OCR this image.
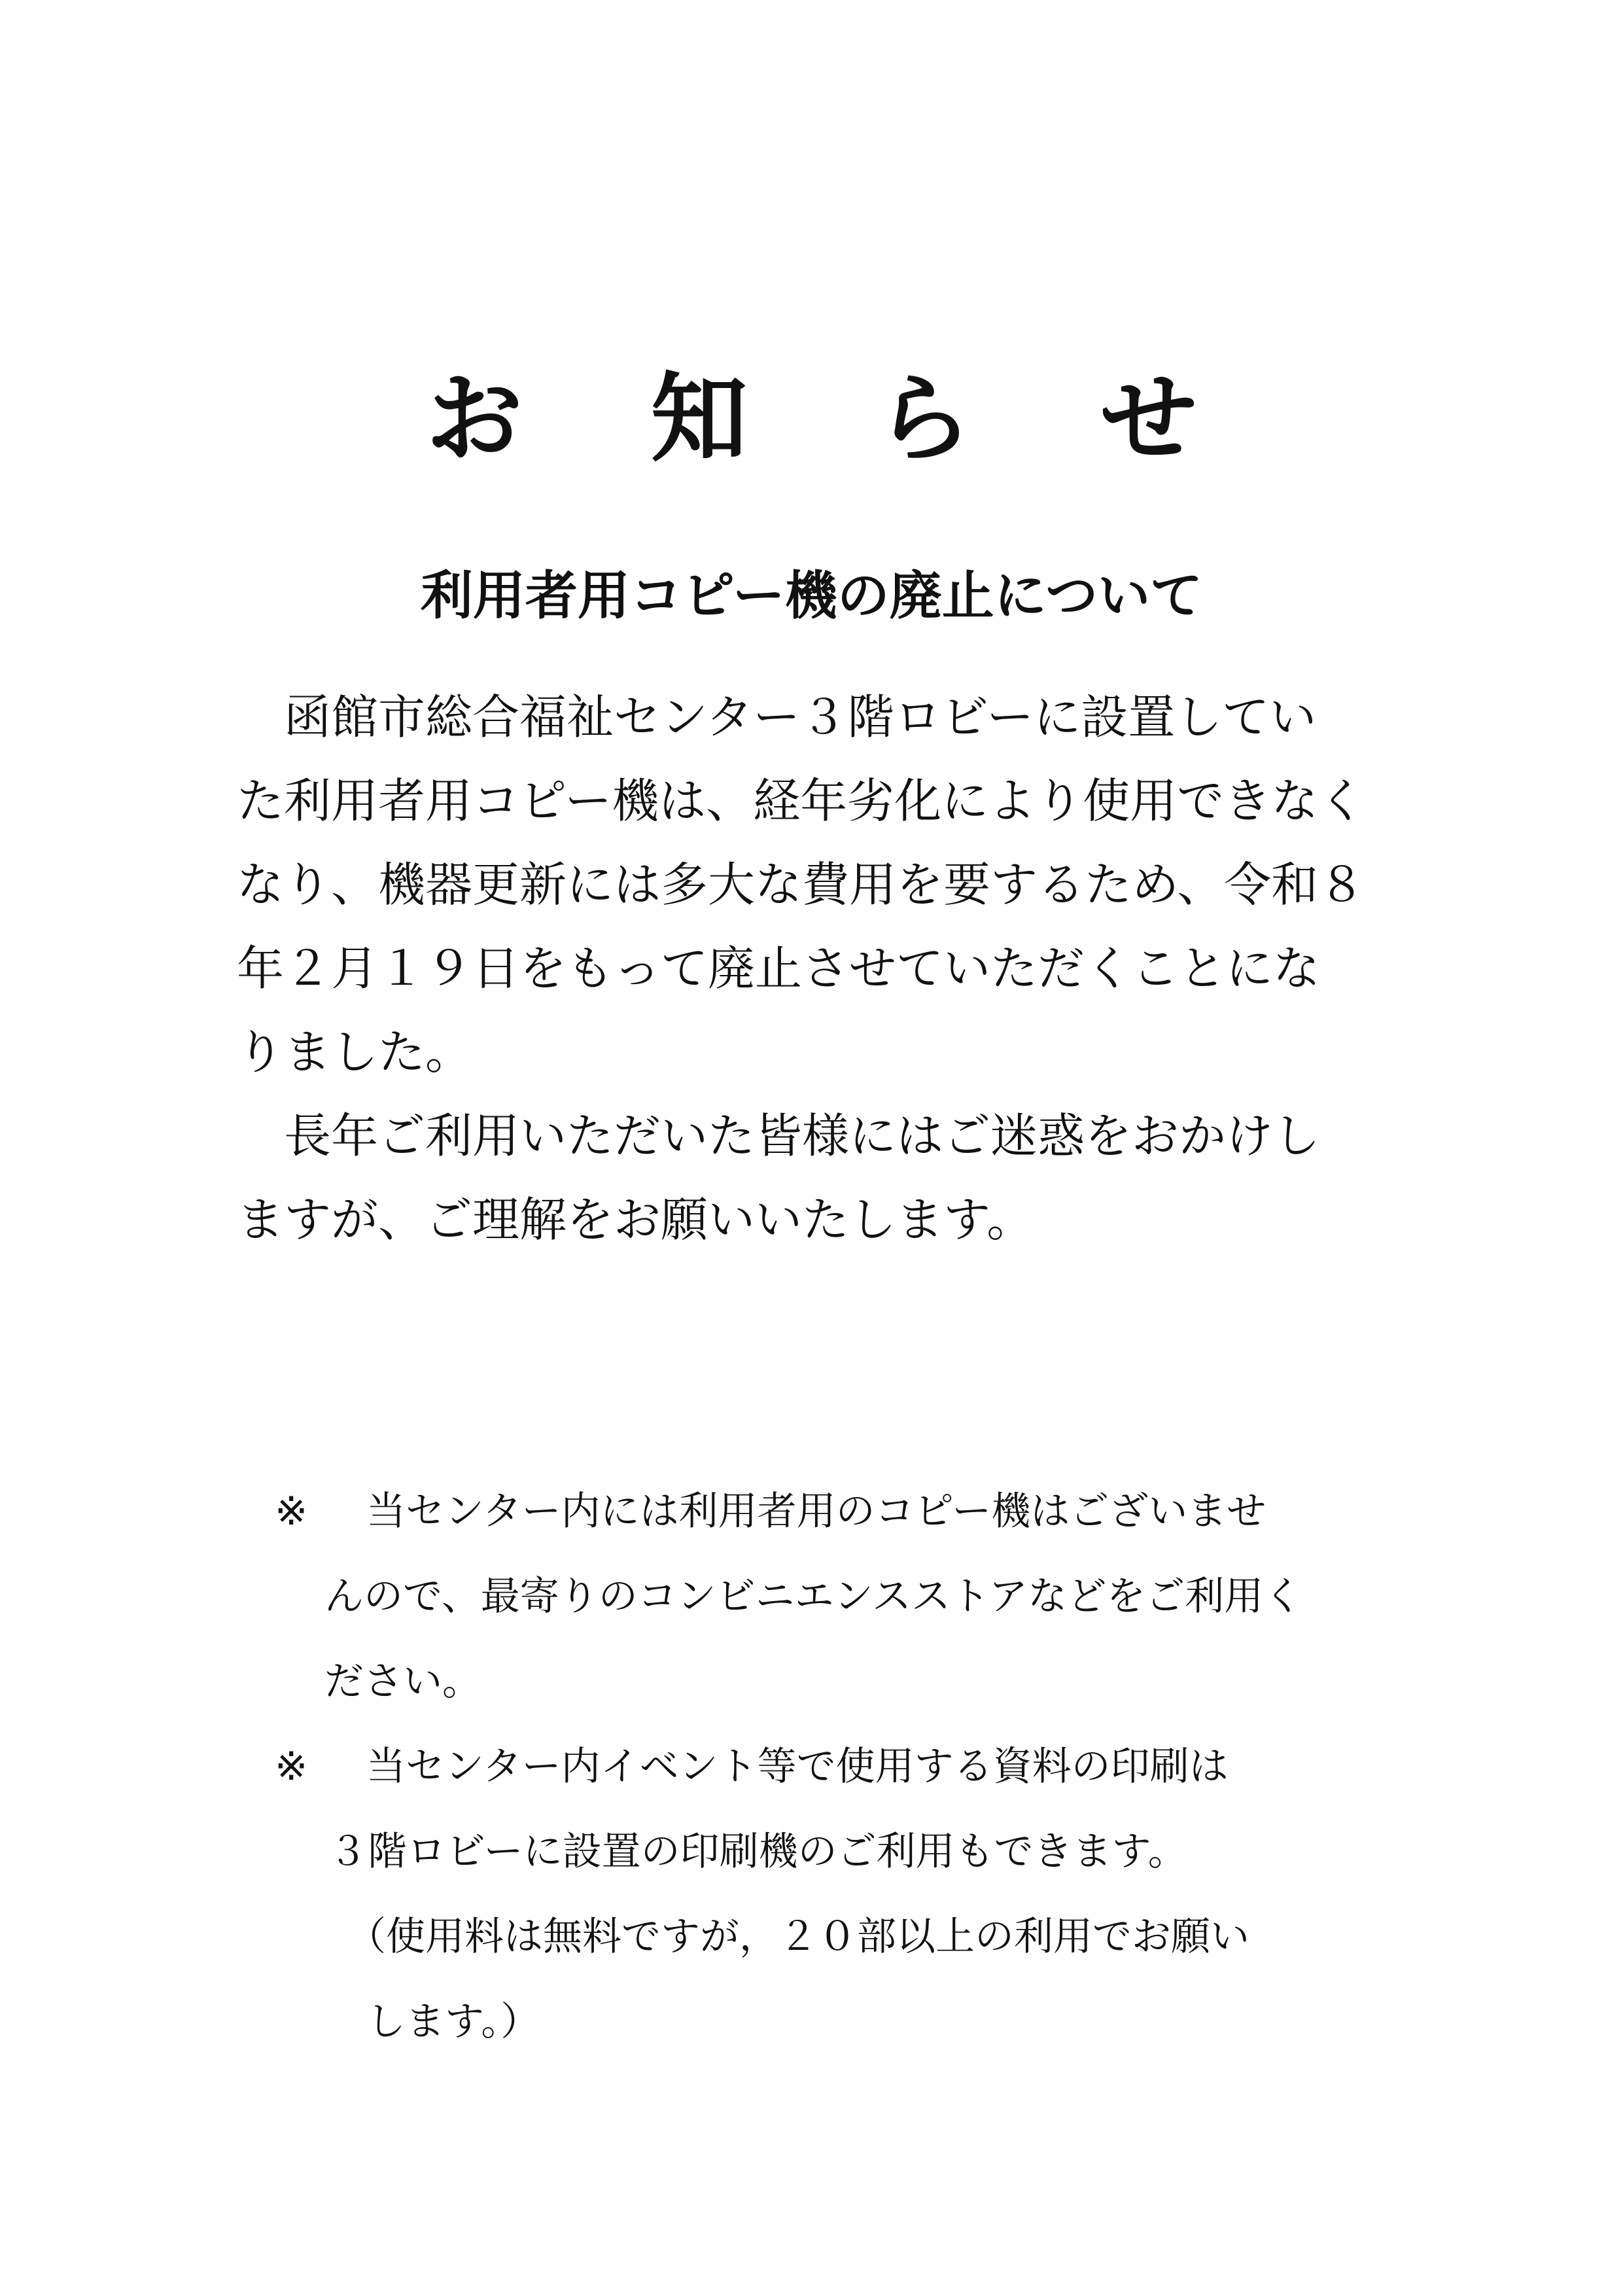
お 知 ら せ
利用者用コピー機の廃止について
　函館市総合福祉センター３階ロビーに設置してい
た利用者用コピー機は、経年劣化により使用できなく
なり、機器更新には多大な費用を要するため、令和８
年２月１９日をもって廃止させていただくことにな
りました。
　長年ご利用いただいた皆様にはご迷惑をおかけし
ますが、ご理解をお願いいたします。
※ 当センター内には利用者用のコピー機はございませ
んので、最寄りのコンビニエンスストアなどをご利用く
ださい。
※ 当センター内イベント等で使用する資料の印刷は
３階ロビーに設置の印刷機のご利用もできます。
（使用料は無料ですが，２０部以上の利用でお願い
します。）
